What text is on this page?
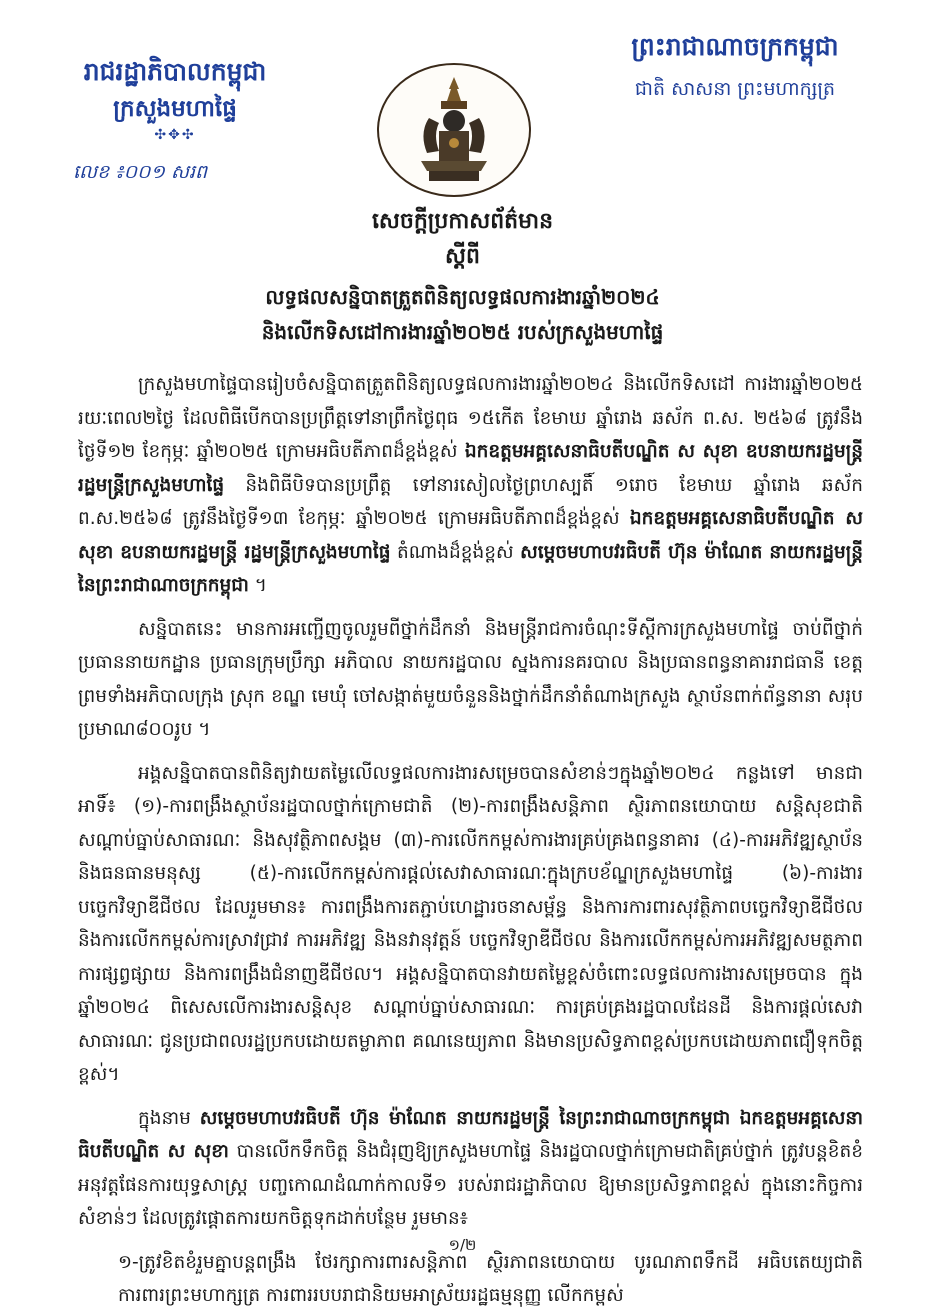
រាជរដ្ឋាភិបាលកម្ពុជា
ក្រសួងមហាផ្ទៃ
✣✥✣
លេខ ៖០០១ សរព
ព្រះរាជាណាចក្រកម្ពុជា
ជាតិ សាសនា ព្រះមហាក្សត្រ
សេចក្តីប្រកាសព័ត៌មាន
ស្តីពី
លទ្ធផលសន្និបាតត្រួតពិនិត្យលទ្ធផលការងារឆ្នាំ២០២៤
និងលើកទិសដៅការងារឆ្នាំ២០២៥ របស់ក្រសួងមហាផ្ទៃ

ក្រសួងមហាផ្ទៃបានរៀបចំសន្និបាតត្រួតពិនិត្យលទ្ធផលការងារឆ្នាំ២០២៤ និងលើកទិសដៅ ការងារឆ្នាំ២០២៥ រយៈពេល២ថ្ងៃ ដែលពិធីបើកបានប្រព្រឹត្តទៅនាព្រឹកថ្ងៃពុធ ១៥កើត ខែមាឃ ឆ្នាំរោង ឆស័ក ព.ស. ២៥៦៨ ត្រូវនឹងថ្ងៃទី១២ ខែកុម្ភៈ ឆ្នាំ២០២៥ ក្រោមអធិបតីភាពដ៏ខ្ពង់ខ្ពស់ ឯកឧត្តមអគ្គសេនាធិបតីបណ្ឌិត ស សុខា ឧបនាយករដ្ឋមន្ត្រី រដ្ឋមន្ត្រីក្រសួងមហាផ្ទៃ និងពិធីបិទបានប្រព្រឹត្ត ទៅនារសៀលថ្ងៃព្រហស្បតិ៍ ១រោច ខែមាឃ ឆ្នាំរោង ឆស័ក ព.ស.២៥៦៨ ត្រូវនឹងថ្ងៃទី១៣ ខែកុម្ភៈ ឆ្នាំ២០២៥ ក្រោមអធិបតីភាពដ៏ខ្ពង់ខ្ពស់ ឯកឧត្តមអគ្គសេនាធិបតីបណ្ឌិត ស សុខា ឧបនាយករដ្ឋមន្ត្រី រដ្ឋមន្ត្រីក្រសួងមហាផ្ទៃ តំណាងដ៏ខ្ពង់ខ្ពស់ សម្តេចមហាបវរធិបតី ហ៊ុន ម៉ាណែត នាយករដ្ឋមន្ត្រី នៃព្រះរាជាណាចក្រកម្ពុជា ។

សន្និបាតនេះ មានការអញ្ជើញចូលរួមពីថ្នាក់ដឹកនាំ និងមន្ត្រីរាជការចំណុះទីស្តីការក្រសួងមហាផ្ទៃ ចាប់ពីថ្នាក់ប្រធាននាយកដ្ឋាន ប្រធានក្រុមប្រឹក្សា អភិបាល នាយករដ្ឋបាល ស្នងការនគរបាល និងប្រធានពន្ធនាគាររាជធានី ខេត្ត ព្រមទាំងអភិបាលក្រុង ស្រុក ខណ្ឌ មេឃុំ ចៅសង្កាត់មួយចំនួននិងថ្នាក់ដឹកនាំតំណាងក្រសួង ស្ថាប័នពាក់ព័ន្ធនានា សរុបប្រមាណ៨០០រូប ។

អង្គសន្និបាតបានពិនិត្យវាយតម្លៃលើលទ្ធផលការងារសម្រេចបានសំខាន់ៗក្នុងឆ្នាំ២០២៤ កន្លងទៅ មានជាអាទិ៍៖ (១)-ការពង្រឹងស្ថាប័នរដ្ឋបាលថ្នាក់ក្រោមជាតិ (២)-ការពង្រឹងសន្តិភាព ស្ថិរភាពនយោបាយ សន្តិសុខជាតិ សណ្តាប់ធ្នាប់សាធារណៈ និងសុវត្ថិភាពសង្គម (៣)-ការលើកកម្ពស់ការងារគ្រប់គ្រងពន្ធនាគារ (៤)-ការអភិវឌ្ឍស្ថាប័ន និងធនធានមនុស្ស (៥)-ការលើកកម្ពស់ការផ្តល់សេវាសាធារណៈក្នុងក្របខ័ណ្ឌក្រសួងមហាផ្ទៃ (៦)-ការងារបច្ចេកវិទ្យាឌីជីថល ដែលរួមមាន៖ ការពង្រឹងការតភ្ជាប់ហេដ្ឋារចនាសម្ព័ន្ធ និងការការពារសុវត្ថិភាពបច្ចេកវិទ្យាឌីជីថល និងការលើកកម្ពស់ការស្រាវជ្រាវ ការអភិវឌ្ឍ និងនវានុវត្តន៍ បច្ចេកវិទ្យាឌីជីថល និងការលើកកម្ពស់ការអភិវឌ្ឍសមត្ថភាព ការផ្សព្វផ្សាយ និងការពង្រឹងជំនាញឌីជីថល។ អង្គសន្និបាតបានវាយតម្លៃខ្ពស់ចំពោះលទ្ធផលការងារសម្រេចបាន ក្នុងឆ្នាំ២០២៤ ពិសេសលើការងារសន្តិសុខ សណ្តាប់ធ្នាប់សាធារណៈ ការគ្រប់គ្រងរដ្ឋបាលដែនដី និងការផ្តល់សេវាសាធារណៈ ជូនប្រជាពលរដ្ឋប្រកបដោយតម្លាភាព គណនេយ្យភាព និងមានប្រសិទ្ធភាពខ្ពស់ប្រកបដោយភាពជឿទុកចិត្តខ្ពស់។

ក្នុងនាម សម្តេចមហាបវរធិបតី ហ៊ុន ម៉ាណែត នាយករដ្ឋមន្ត្រី នៃព្រះរាជាណាចក្រកម្ពុជា ឯកឧត្តមអគ្គសេនាធិបតីបណ្ឌិត ស សុខា បានលើកទឹកចិត្ត និងជំរុញឱ្យក្រសួងមហាផ្ទៃ និងរដ្ឋបាលថ្នាក់ក្រោមជាតិគ្រប់ថ្នាក់ ត្រូវបន្តខិតខំអនុវត្តផែនការយុទ្ធសាស្ត្រ បញ្ចកោណដំណាក់កាលទី១ របស់រាជរដ្ឋាភិបាល ឱ្យមានប្រសិទ្ធភាពខ្ពស់ ក្នុងនោះកិច្ចការសំខាន់ៗ ដែលត្រូវផ្តោតការយកចិត្តទុកដាក់បន្ថែម រួមមាន៖

១-ត្រូវខិតខំរួមគ្នាបន្តពង្រឹង ថែរក្សាការពារសន្តិភាព ស្ថិរភាពនយោបាយ បូរណភាពទឹកដី អធិបតេយ្យជាតិ ការពារព្រះមហាក្សត្រ ការពាររបបរាជានិយមអាស្រ័យរដ្ឋធម្មនុញ្ញ លើកកម្ពស់

១/២
